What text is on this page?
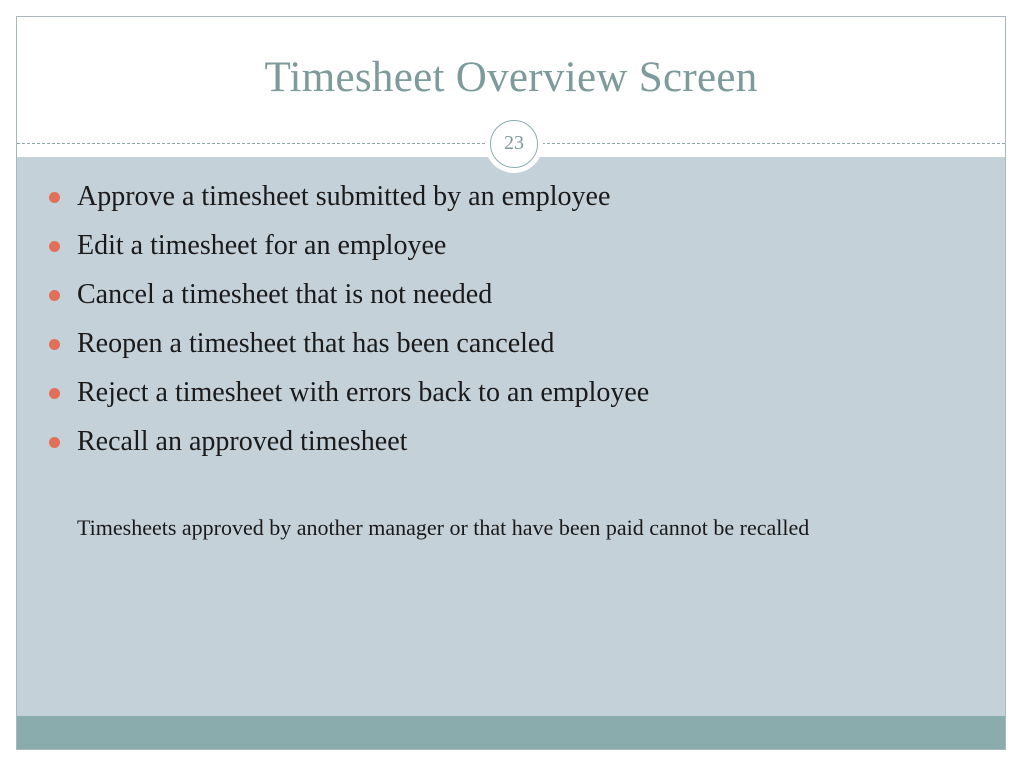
Timesheet Overview Screen
23
Approve a timesheet submitted by an employee
Edit a timesheet for an employee
Cancel a timesheet that is not needed
Reopen a timesheet that has been canceled
Reject a timesheet with errors back to an employee
Recall an approved timesheet
Timesheets approved by another manager or that have been paid cannot be recalled
